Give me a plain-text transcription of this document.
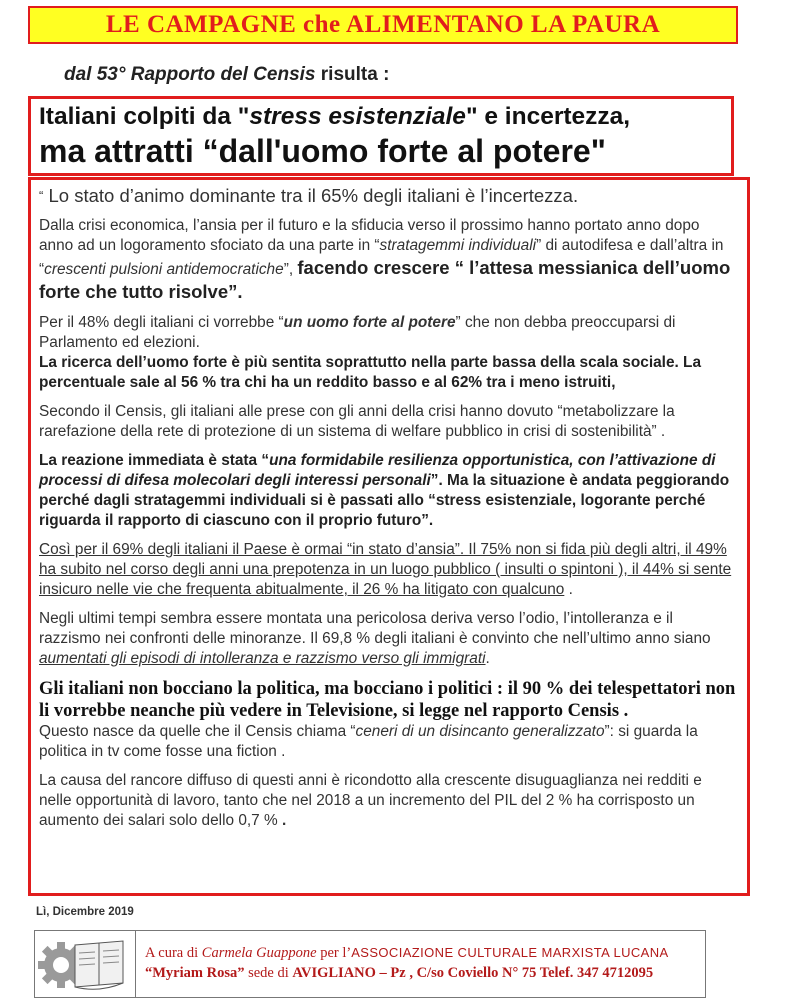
LE CAMPAGNE che ALIMENTANO LA PAURA
dal 53° Rapporto del Censis risulta :
Italiani colpiti da "stress esistenziale" e incertezza,
ma attratti “dall'uomo forte al potere"

“ Lo stato d’animo dominante tra il 65% degli italiani è l’incertezza.

Dalla crisi economica, l’ansia per il futuro e la sfiducia verso il prossimo hanno portato anno dopo anno ad un logoramento sfociato da una parte in “stratagemmi individuali” di autodifesa e dall’altra in “crescenti pulsioni antidemocratiche”, facendo crescere “ l’attesa messianica dell’uomo forte che tutto risolve”.

Per il 48% degli italiani ci vorrebbe “un uomo forte al potere” che non debba preoccuparsi di Parlamento ed elezioni.
La ricerca dell’uomo forte è più sentita soprattutto nella parte bassa della scala sociale. La percentuale sale al 56 % tra chi ha un reddito basso e al 62% tra i meno istruiti,

Secondo il Censis, gli italiani alle prese con gli anni della crisi hanno dovuto “metabolizzare la rarefazione della rete di protezione di un sistema di welfare pubblico in crisi di sostenibilità” .

La reazione immediata è stata “una formidabile resilienza opportunistica, con l’attivazione di processi di difesa molecolari degli interessi personali”. Ma la situazione è andata peggiorando perché dagli stratagemmi individuali si è passati allo “stress esistenziale, logorante perché riguarda il rapporto di ciascuno con il proprio futuro”.

Così per il 69% degli italiani il Paese è ormai “in stato d’ansia”. Il 75% non si fida più degli altri, il 49% ha subito nel corso degli anni una prepotenza in un luogo pubblico ( insulti o spintoni ), il 44% si sente insicuro nelle vie che frequenta abitualmente, il 26 % ha litigato con qualcuno .

Negli ultimi tempi sembra essere montata una pericolosa deriva verso l’odio, l’intolleranza e il razzismo nei confronti delle minoranze. Il 69,8 % degli italiani è convinto che nell’ultimo anno siano aumentati gli episodi di intolleranza e razzismo verso gli immigrati.

Gli italiani non bocciano la politica, ma bocciano i politici : il 90 % dei telespettatori non li vorrebbe neanche più vedere in Televisione, si legge nel rapporto Censis .
Questo nasce da quelle che il Censis chiama “ceneri di un disincanto generalizzato”: si guarda la politica in tv come fosse una fiction .

La causa del rancore diffuso di questi anni è ricondotto alla crescente disuguaglianza nei redditi e nelle opportunità di lavoro, tanto che nel 2018 a un incremento del PIL del 2 % ha corrisposto un aumento dei salari solo dello 0,7 % .

Lì, Dicembre 2019
A cura di Carmela Guappone per l’ASSOCIAZIONE CULTURALE MARXISTA LUCANA
“Myriam Rosa” sede di AVIGLIANO – Pz , C/so Coviello N° 75 Telef. 347 4712095
